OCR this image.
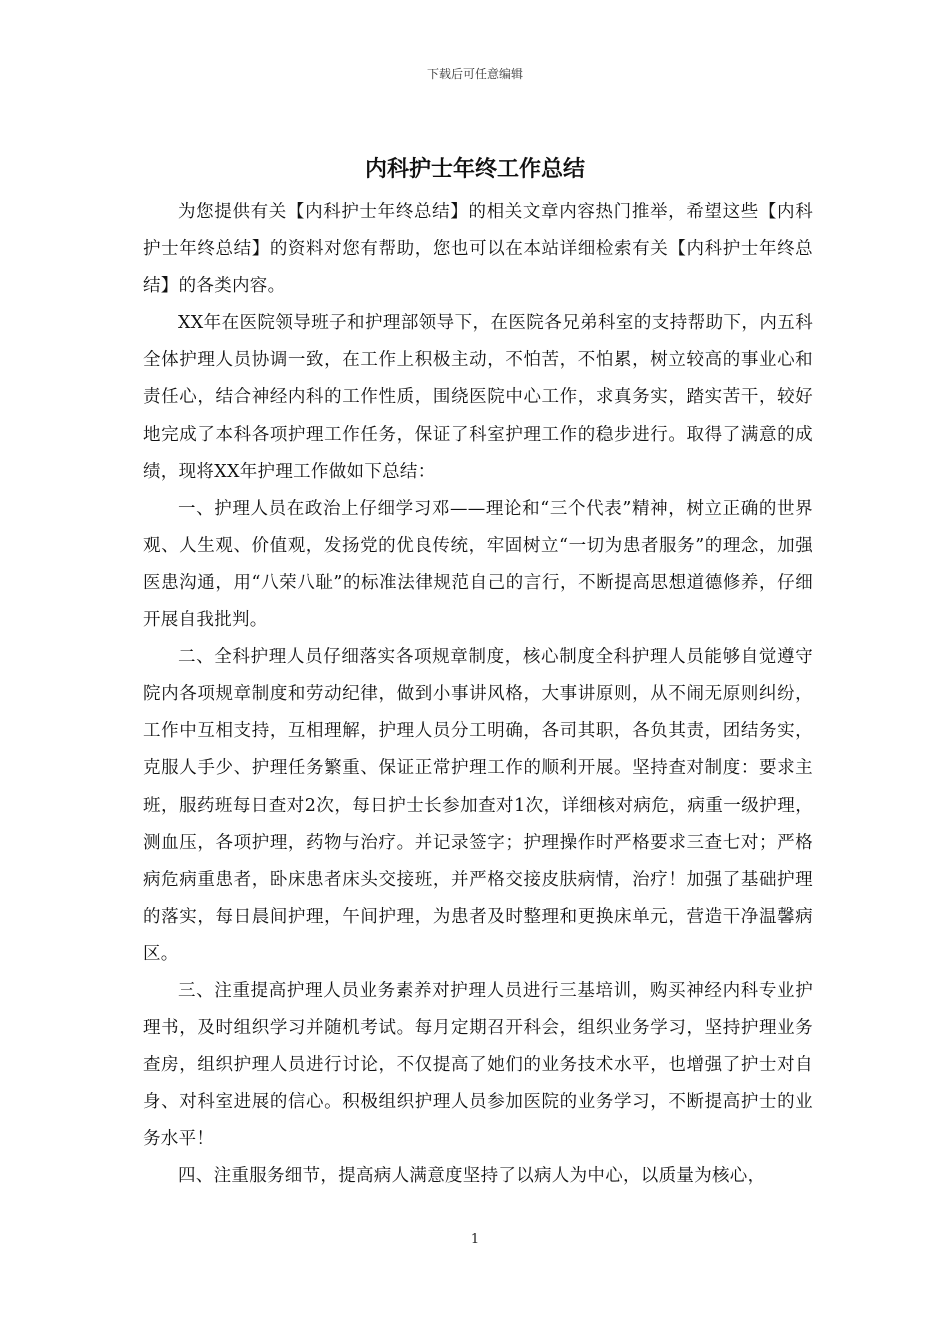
下载后可任意编辑
内科护士年终工作总结

为您提供有关【内科护士年终总结】的相关文章内容热门推举，希望这些【内科护士年终总结】的资料对您有帮助，您也可以在本站详细检索有关【内科护士年终总结】的各类内容。

XX年在医院领导班子和护理部领导下，在医院各兄弟科室的支持帮助下，内五科全体护理人员协调一致，在工作上积极主动，不怕苦，不怕累，树立较高的事业心和责任心，结合神经内科的工作性质，围绕医院中心工作，求真务实，踏实苦干，较好地完成了本科各项护理工作任务，保证了科室护理工作的稳步进行。取得了满意的成绩，现将XX年护理工作做如下总结：

一、护理人员在政治上仔细学习邓——理论和“三个代表”精神，树立正确的世界观、人生观、价值观，发扬党的优良传统，牢固树立“一切为患者服务”的理念，加强医患沟通，用“八荣八耻”的标准法律规范自己的言行，不断提高思想道德修养，仔细开展自我批判。

二、全科护理人员仔细落实各项规章制度，核心制度全科护理人员能够自觉遵守院内各项规章制度和劳动纪律，做到小事讲风格，大事讲原则，从不闹无原则纠纷，工作中互相支持，互相理解，护理人员分工明确，各司其职，各负其责，团结务实，克服人手少、护理任务繁重、保证正常护理工作的顺利开展。坚持查对制度：要求主班，服药班每日查对2次，每日护士长参加查对1次，详细核对病危，病重一级护理，测血压，各项护理，药物与治疗。并记录签字；护理操作时严格要求三查七对；严格病危病重患者，卧床患者床头交接班，并严格交接皮肤病情，治疗！加强了基础护理的落实，每日晨间护理，午间护理，为患者及时整理和更换床单元，营造干净温馨病区。

三、注重提高护理人员业务素养对护理人员进行三基培训，购买神经内科专业护理书，及时组织学习并随机考试。每月定期召开科会，组织业务学习，坚持护理业务查房，组织护理人员进行讨论，不仅提高了她们的业务技术水平，也增强了护士对自身、对科室进展的信心。积极组织护理人员参加医院的业务学习，不断提高护士的业务水平！

四、注重服务细节，提高病人满意度坚持了以病人为中心，以质量为核心，

1
